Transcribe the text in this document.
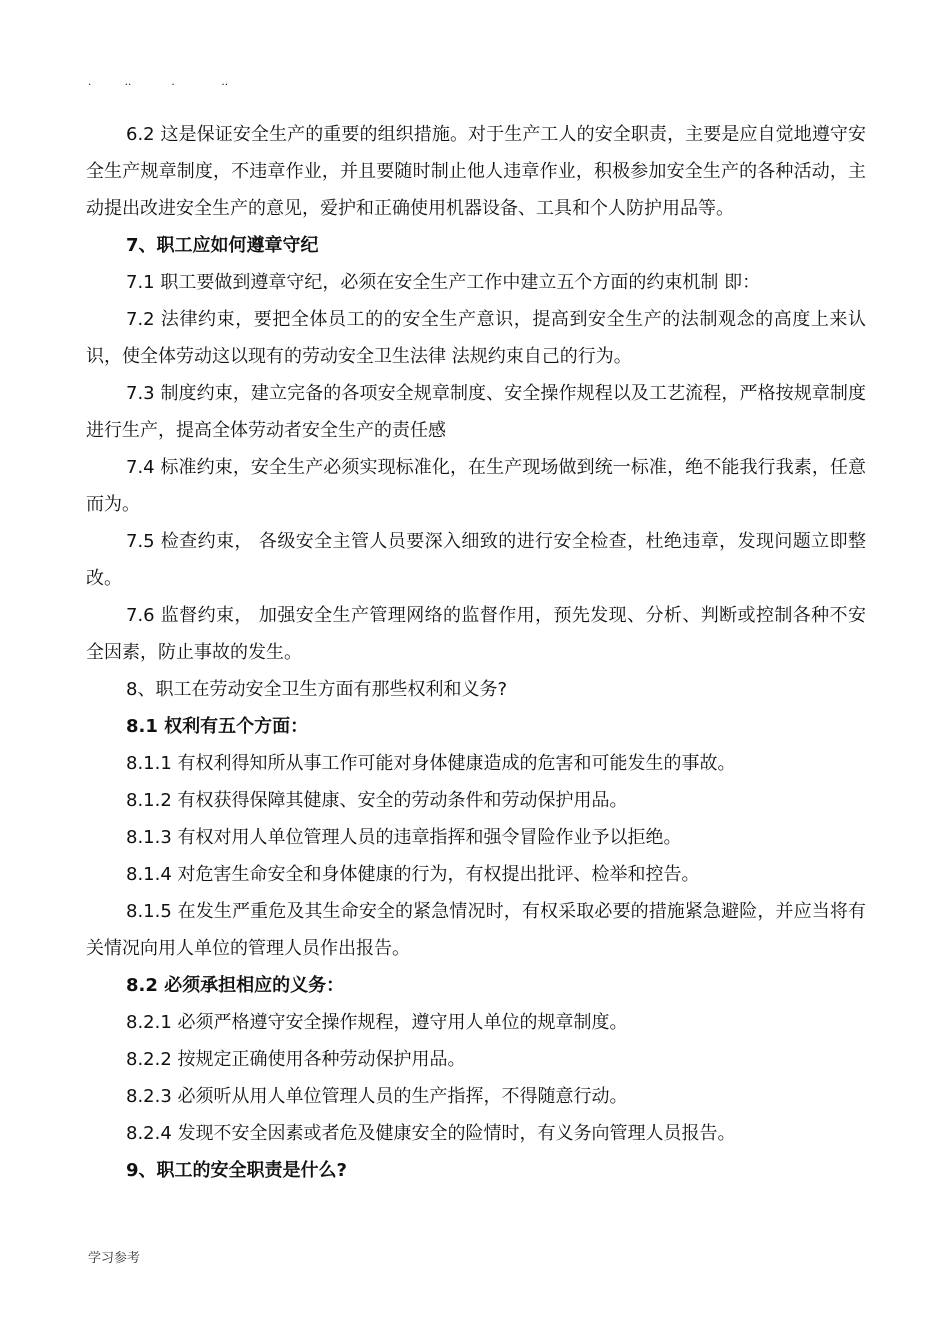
.          ..            .              ..

6.2 这是保证安全生产的重要的组织措施。对于生产工人的安全职责，主要是应自觉地遵守安全生产规章制度，不违章作业，并且要随时制止他人违章作业，积极参加安全生产的各种活动，主动提出改进安全生产的意见，爱护和正确使用机器设备、工具和个人防护用品等。

7、职工应如何遵章守纪

7.1 职工要做到遵章守纪，必须在安全生产工作中建立五个方面的约束机制 即：

7.2 法律约束，要把全体员工的的安全生产意识，提高到安全生产的法制观念的高度上来认识，使全体劳动这以现有的劳动安全卫生法律 法规约束自己的行为。

7.3 制度约束，建立完备的各项安全规章制度、安全操作规程以及工艺流程，严格按规章制度进行生产，提高全体劳动者安全生产的责任感

7.4 标准约束，安全生产必须实现标准化，在生产现场做到统一标准，绝不能我行我素，任意而为。

7.5 检查约束， 各级安全主管人员要深入细致的进行安全检查，杜绝违章，发现问题立即整改。

7.6 监督约束， 加强安全生产管理网络的监督作用，预先发现、分析、判断或控制各种不安全因素，防止事故的发生。

8、职工在劳动安全卫生方面有那些权利和义务?

8.1 权利有五个方面：

8.1.1 有权利得知所从事工作可能对身体健康造成的危害和可能发生的事故。

8.1.2 有权获得保障其健康、安全的劳动条件和劳动保护用品。

8.1.3 有权对用人单位管理人员的违章指挥和强令冒险作业予以拒绝。

8.1.4 对危害生命安全和身体健康的行为，有权提出批评、检举和控告。

8.1.5 在发生严重危及其生命安全的紧急情况时，有权采取必要的措施紧急避险，并应当将有关情况向用人单位的管理人员作出报告。

8.2 必须承担相应的义务：

8.2.1 必须严格遵守安全操作规程，遵守用人单位的规章制度。

8.2.2 按规定正确使用各种劳动保护用品。

8.2.3 必须听从用人单位管理人员的生产指挥，不得随意行动。

8.2.4 发现不安全因素或者危及健康安全的险情时，有义务向管理人员报告。

9、职工的安全职责是什么?

学习参考
